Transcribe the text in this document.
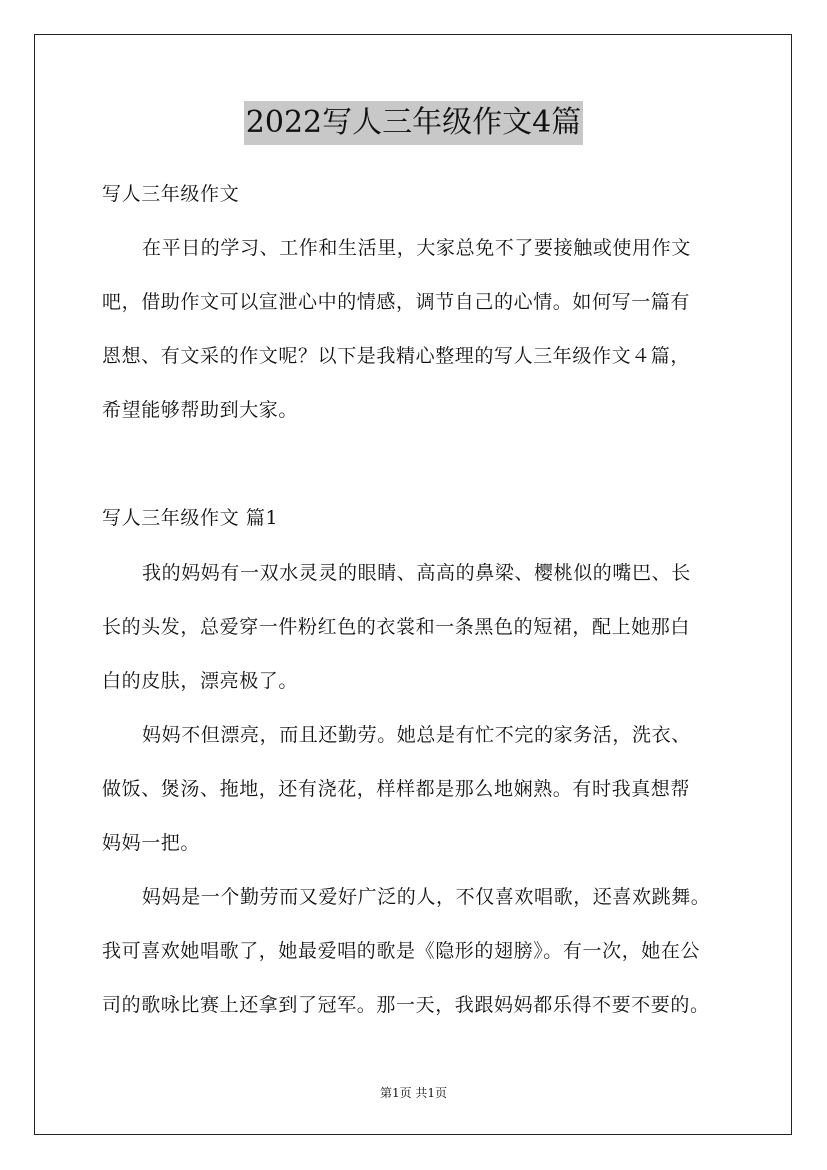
2022写人三年级作文4篇
写人三年级作文
在平日的学习、工作和生活里，大家总免不了要接触或使用作文
吧，借助作文可以宣泄心中的情感，调节自己的心情。如何写一篇有
恩想、有文采的作文呢？以下是我精心整理的写人三年级作文４篇，
希望能够帮助到大家。
写人三年级作文 篇1
我的妈妈有一双水灵灵的眼睛、高高的鼻梁、樱桃似的嘴巴、长
长的头发，总爱穿一件粉红色的衣裳和一条黑色的短裙，配上她那白
白的皮肤，漂亮极了。
妈妈不但漂亮，而且还勤劳。她总是有忙不完的家务活，洗衣、
做饭、煲汤、拖地，还有浇花，样样都是那么地娴熟。有时我真想帮
妈妈一把。
妈妈是一个勤劳而又爱好广泛的人，不仅喜欢唱歌，还喜欢跳舞。
我可喜欢她唱歌了，她最爱唱的歌是《隐形的翅膀》。有一次，她在公
司的歌咏比赛上还拿到了冠军。那一天，我跟妈妈都乐得不要不要的。
第1页 共1页
